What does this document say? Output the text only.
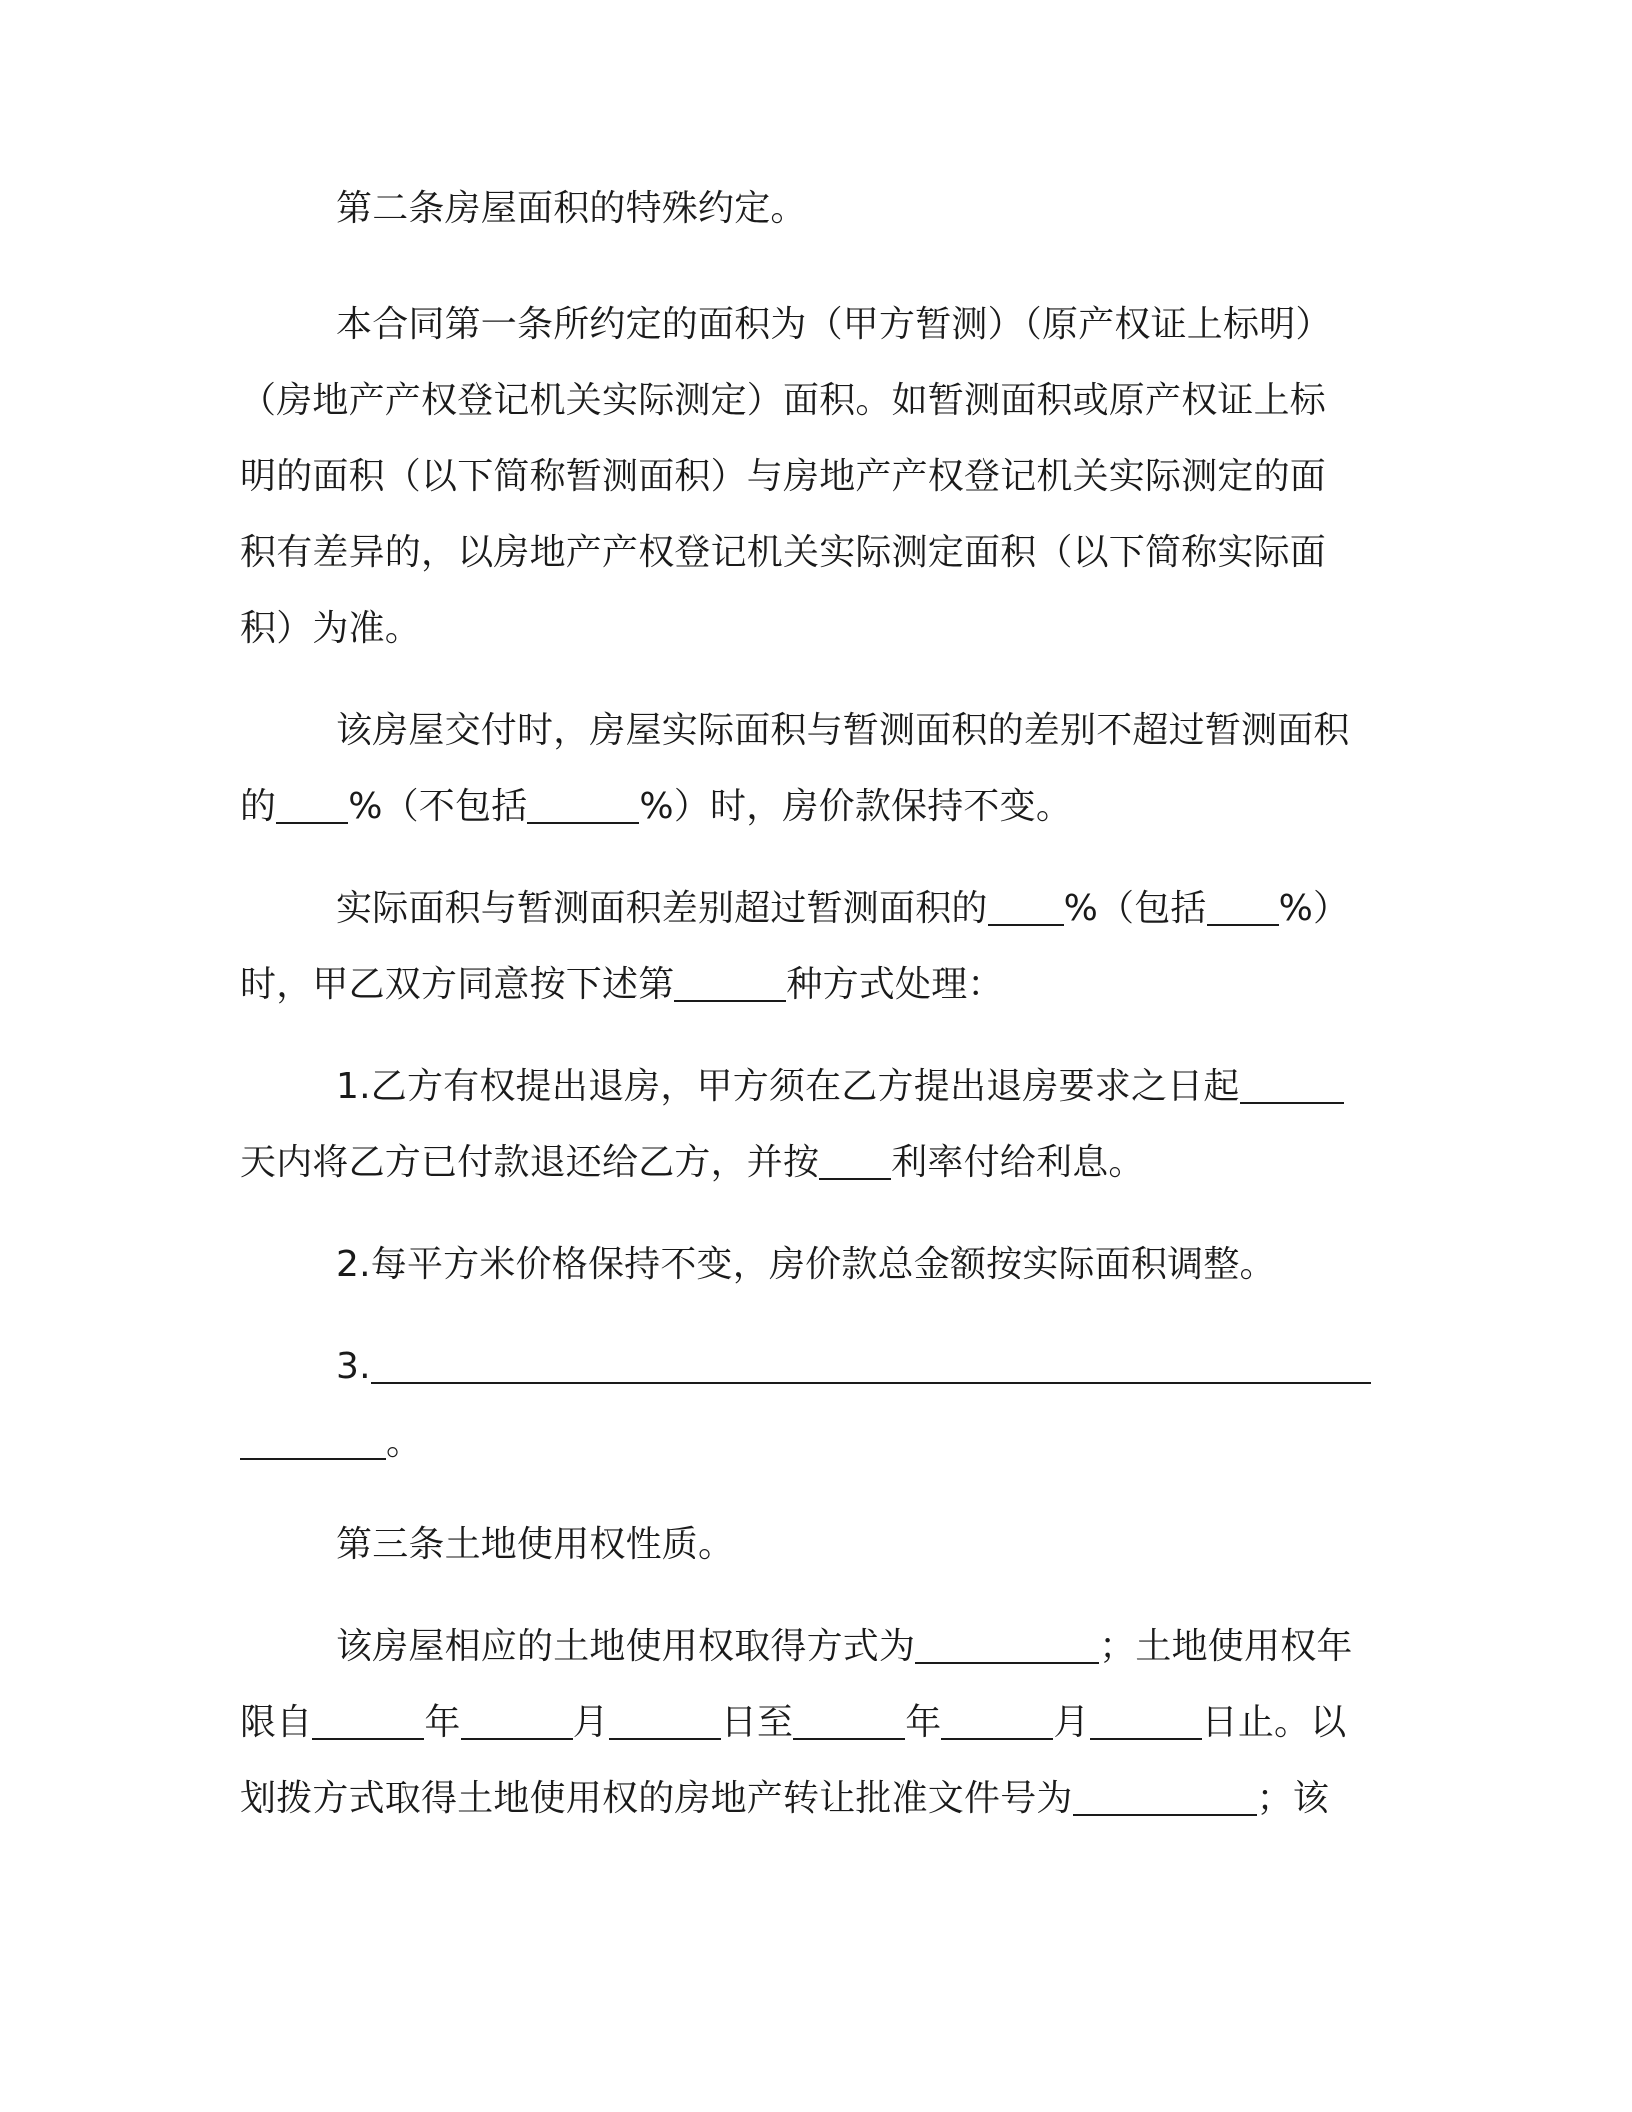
第二条房屋面积的特殊约定。
本合同第一条所约定的面积为（甲方暂测）（原产权证上标明）
（房地产产权登记机关实际测定）面积。如暂测面积或原产权证上标
明的面积（以下简称暂测面积）与房地产产权登记机关实际测定的面
积有差异的，以房地产产权登记机关实际测定面积（以下简称实际面
积）为准。
该房屋交付时，房屋实际面积与暂测面积的差别不超过暂测面积
的 %（不包括	%）时，房价款保持不变。
实际面积与暂测面积差别超过暂测面积的 %（包括 %）
时，甲乙双方同意按下述第	种方式处理：
1.乙方有权提出退房，甲方须在乙方提出退房要求之日起
天内将乙方已付款退还给乙方，并按 利率付给利息。
2.每平方米价格保持不变，房价款总金额按实际面积调整。
3.
。
第三条土地使用权性质。
该房屋相应的土地使用权取得方式为	；土地使用权年
限自	年	月	日至	年	月	日止。以
划拨方式取得土地使用权的房地产转让批准文件号为	；该
